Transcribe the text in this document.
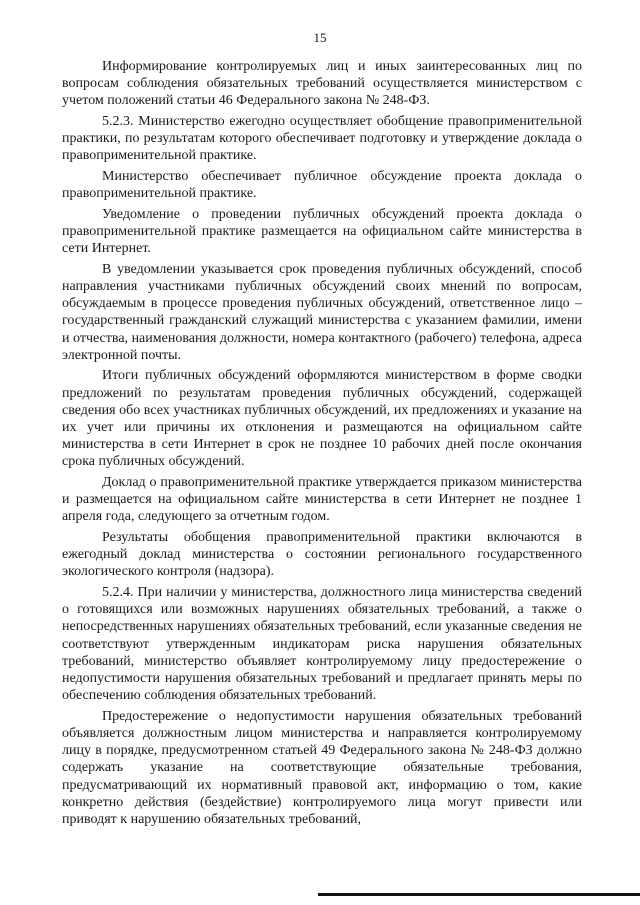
15

Информирование контролируемых лиц и иных заинтересованных лиц по вопросам соблюдения обязательных требований осуществляется министерством с учетом положений статьи 46 Федерального закона № 248-ФЗ.

5.2.3. Министерство ежегодно осуществляет обобщение правоприменительной практики, по результатам которого обеспечивает подготовку и утверждение доклада о правоприменительной практике.

Министерство обеспечивает публичное обсуждение проекта доклада о правоприменительной практике.

Уведомление о проведении публичных обсуждений проекта доклада о правоприменительной практике размещается на официальном сайте министерства в сети Интернет.

В уведомлении указывается срок проведения публичных обсуждений, способ направления участниками публичных обсуждений своих мнений по вопросам, обсуждаемым в процессе проведения публичных обсуждений, ответственное лицо – государственный гражданский служащий министерства с указанием фамилии, имени и отчества, наименования должности, номера контактного (рабочего) телефона, адреса электронной почты.

Итоги публичных обсуждений оформляются министерством в форме сводки предложений по результатам проведения публичных обсуждений, содержащей сведения обо всех участниках публичных обсуждений, их предложениях и указание на их учет или причины их отклонения и размещаются на официальном сайте министерства в сети Интернет в срок не позднее 10 рабочих дней после окончания срока публичных обсуждений.

Доклад о правоприменительной практике утверждается приказом министерства и размещается на официальном сайте министерства в сети Интернет не позднее 1 апреля года, следующего за отчетным годом.

Результаты обобщения правоприменительной практики включаются в ежегодный доклад министерства о состоянии регионального государственного экологического контроля (надзора).

5.2.4. При наличии у министерства, должностного лица министерства сведений о готовящихся или возможных нарушениях обязательных требований, а также о непосредственных нарушениях обязательных требований, если указанные сведения не соответствуют утвержденным индикаторам риска нарушения обязательных требований, министерство объявляет контролируемому лицу предостережение о недопустимости нарушения обязательных требований и предлагает принять меры по обеспечению соблюдения обязательных требований.

Предостережение о недопустимости нарушения обязательных требований объявляется должностным лицом министерства и направляется контролируемому лицу в порядке, предусмотренном статьей 49 Федерального закона № 248-ФЗ должно содержать указание на соответствующие обязательные требования, предусматривающий их нормативный правовой акт, информацию о том, какие конкретно действия (бездействие) контролируемого лица могут привести или приводят к нарушению обязательных требований,
